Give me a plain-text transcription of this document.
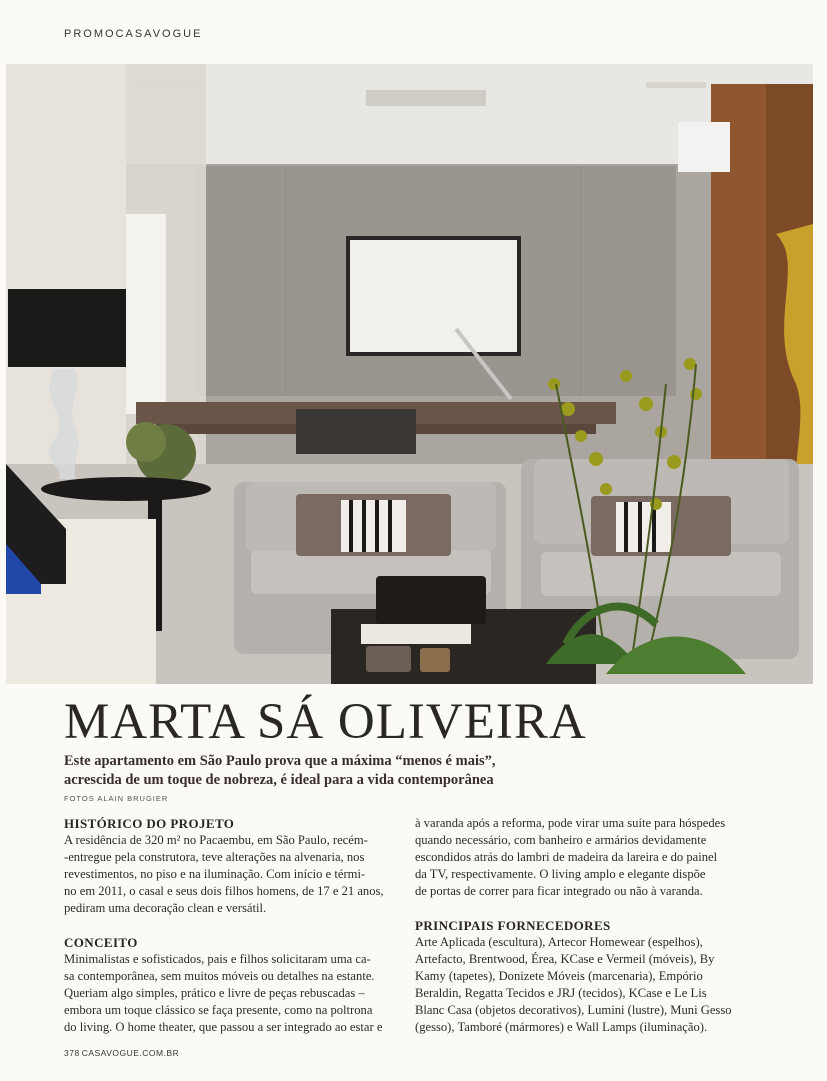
PROMOCASAVOGUE
MARTA SÁ OLIVEIRA
Este apartamento em São Paulo prova que a máxima “menos é mais”,
acrescida de um toque de nobreza, é ideal para a vida contemporânea
FOTOS ALAIN BRUGIER
HISTÓRICO DO PROJETO
A residência de 320 m² no Pacaembu, em São Paulo, recém-
-entregue pela construtora, teve alterações na alvenaria, nos
revestimentos, no piso e na iluminação. Com início e térmi-
no em 2011, o casal e seus dois filhos homens, de 17 e 21 anos,
pediram uma decoração clean e versátil.
CONCEITO
Minimalistas e sofisticados, pais e filhos solicitaram uma ca-
sa contemporânea, sem muitos móveis ou detalhes na estante.
Queriam algo simples, prático e livre de peças rebuscadas –
embora um toque clássico se faça presente, como na poltrona
do living. O home theater, que passou a ser integrado ao estar e
à varanda após a reforma, pode virar uma suíte para hóspedes
quando necessário, com banheiro e armários devidamente
escondidos atrás do lambri de madeira da lareira e do painel
da TV, respectivamente. O living amplo e elegante dispõe
de portas de correr para ficar integrado ou não à varanda.
PRINCIPAIS FORNECEDORES
Arte Aplicada (escultura), Artecor Homewear (espelhos),
Artefacto, Brentwood, Érea, KCase e Vermeil (móveis), By
Kamy (tapetes), Donizete Móveis (marcenaria), Empório
Beraldin, Regatta Tecidos e JRJ (tecidos), KCase e Le Lis
Blanc Casa (objetos decorativos), Lumini (lustre), Muni Gesso
(gesso), Tamboré (mármores) e Wall Lamps (iluminação).
378 CASAVOGUE.COM.BR
